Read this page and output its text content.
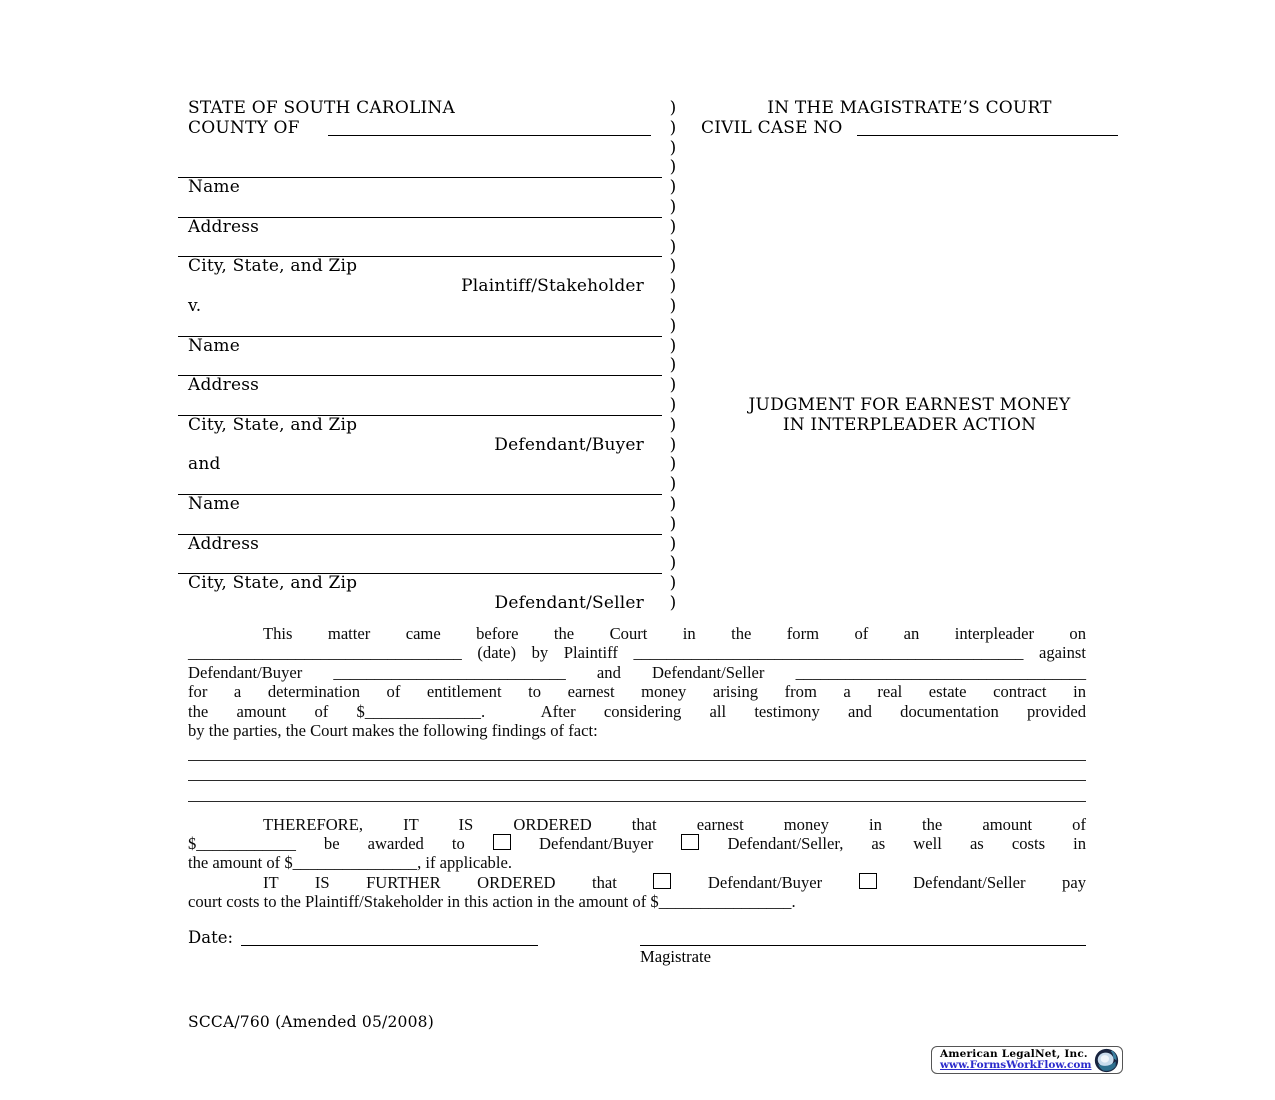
STATE OF SOUTH CAROLINA	)	IN THE MAGISTRATE’S COURT
COUNTY OF	)	CIVIL CASE NO
)
)
Name	)
)
Address	)
)
City, State, and Zip	)
Plaintiff/Stakeholder	)
v.	)
)
Name	)
)
Address	)
)	JUDGMENT FOR EARNEST MONEY
City, State, and Zip	)	IN INTERPLEADER ACTION
Defendant/Buyer	)
and	)
)
Name	)
)
Address	)
)
City, State, and Zip	)
Defendant/Seller	)
This matter came before the Court in the form of an interpleader on
_________________________________ (date) by Plaintiff _______________________________________________ against
Defendant/Buyer ____________________________ and Defendant/Seller ___________________________________
for a determination of entitlement to earnest money arising from a real estate contract in
the amount of $______________.  After considering all testimony and documentation provided
by the parties, the Court makes the following findings of fact:
THEREFORE, IT IS ORDERED that earnest money in the amount of
$____________ be awarded to	Defendant/Buyer	Defendant/Seller, as well as costs in
the amount of $_______________, if applicable.
IT IS FURTHER ORDERED that	Defendant/Buyer	Defendant/Seller pay
court costs to the Plaintiff/Stakeholder in this action in the amount of $________________.
Date:
Magistrate
SCCA/760 (Amended 05/2008)
American LegalNet, Inc.
www.FormsWorkFlow.com
